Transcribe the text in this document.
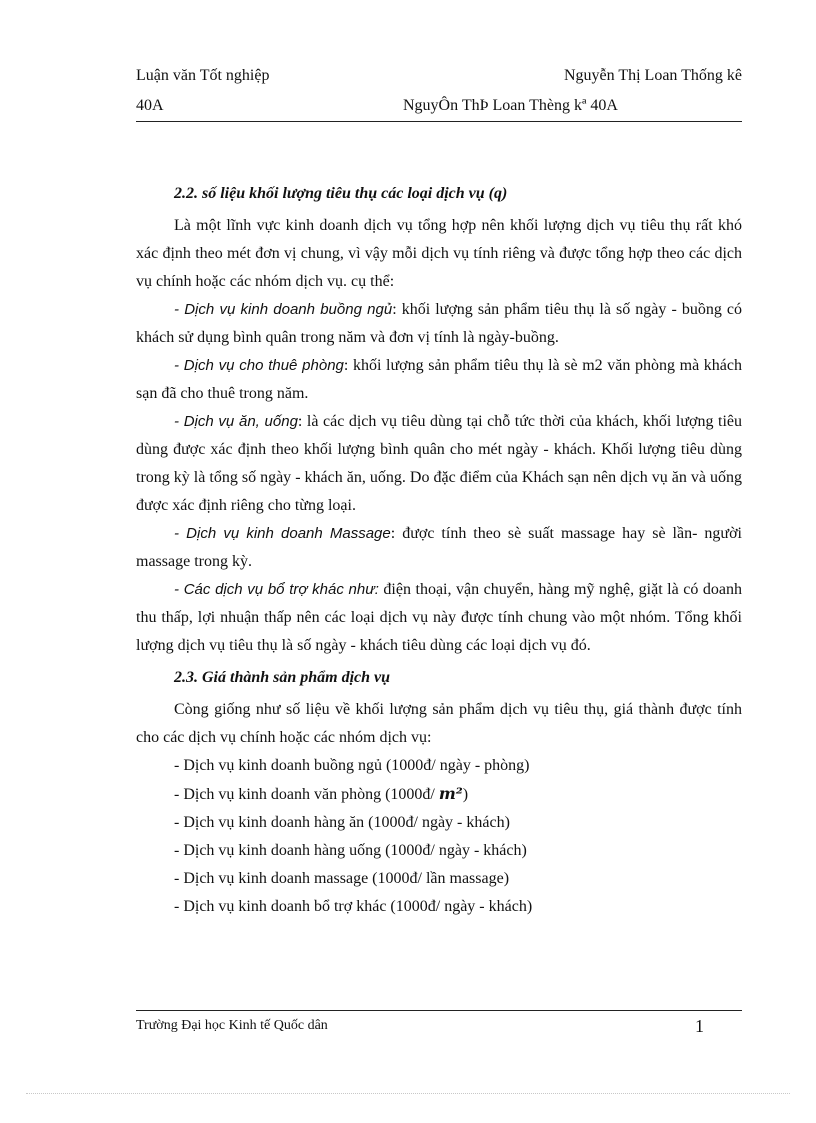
Luận văn Tốt nghiệp	Nguyễn Thị Loan Thống kê
40A	NguyÔn ThÞ Loan Thèng kª 40A

2.2. số liệu khối lượng tiêu thụ các loại dịch vụ (q)

Là một lĩnh vực kinh doanh dịch vụ tổng hợp nên khối lượng dịch vụ tiêu thụ rất khó xác định theo mét đơn vị chung, vì vậy mỗi dịch vụ tính riêng và được tổng hợp theo các dịch vụ chính hoặc các nhóm dịch vụ. cụ thể:

- Dịch vụ kinh doanh buồng ngủ: khối lượng sản phẩm tiêu thụ là số ngày - buồng có khách sử dụng bình quân trong năm và đơn vị tính là ngày-buồng.

- Dịch vụ cho thuê phòng: khối lượng sản phẩm tiêu thụ là sè m2 văn phòng mà khách sạn đã cho thuê trong năm.

- Dịch vụ ăn, uống: là các dịch vụ tiêu dùng tại chỗ tức thời của khách, khối lượng tiêu dùng được xác định theo khối lượng bình quân cho mét ngày - khách. Khối lượng tiêu dùng trong kỳ là tổng số ngày - khách ăn, uống. Do đặc điểm của Khách sạn nên dịch vụ ăn và uống được xác định riêng cho từng loại.

- Dịch vụ kinh doanh Massage: được tính theo sè suất massage hay sè lần- người massage trong kỳ.

- Các dịch vụ bổ trợ khác như: điện thoại, vận chuyển, hàng mỹ nghệ, giặt là có doanh thu thấp, lợi nhuận thấp nên các loại dịch vụ này được tính chung vào một nhóm. Tổng khối lượng dịch vụ tiêu thụ là số ngày - khách tiêu dùng các loại dịch vụ đó.

2.3. Giá thành sản phẩm dịch vụ

Còng giống như số liệu về khối lượng sản phẩm dịch vụ tiêu thụ, giá thành được tính cho các dịch vụ chính hoặc các nhóm dịch vụ:

- Dịch vụ kinh doanh buồng ngủ (1000đ/ ngày - phòng)

- Dịch vụ kinh doanh văn phòng (1000đ/ m²)

- Dịch vụ kinh doanh hàng ăn (1000đ/ ngày - khách)

- Dịch vụ kinh doanh hàng uống (1000đ/ ngày - khách)

- Dịch vụ kinh doanh massage (1000đ/ lần massage)

- Dịch vụ kinh doanh bổ trợ khác (1000đ/ ngày - khách)

Trường Đại học Kinh tế Quốc dân	1
